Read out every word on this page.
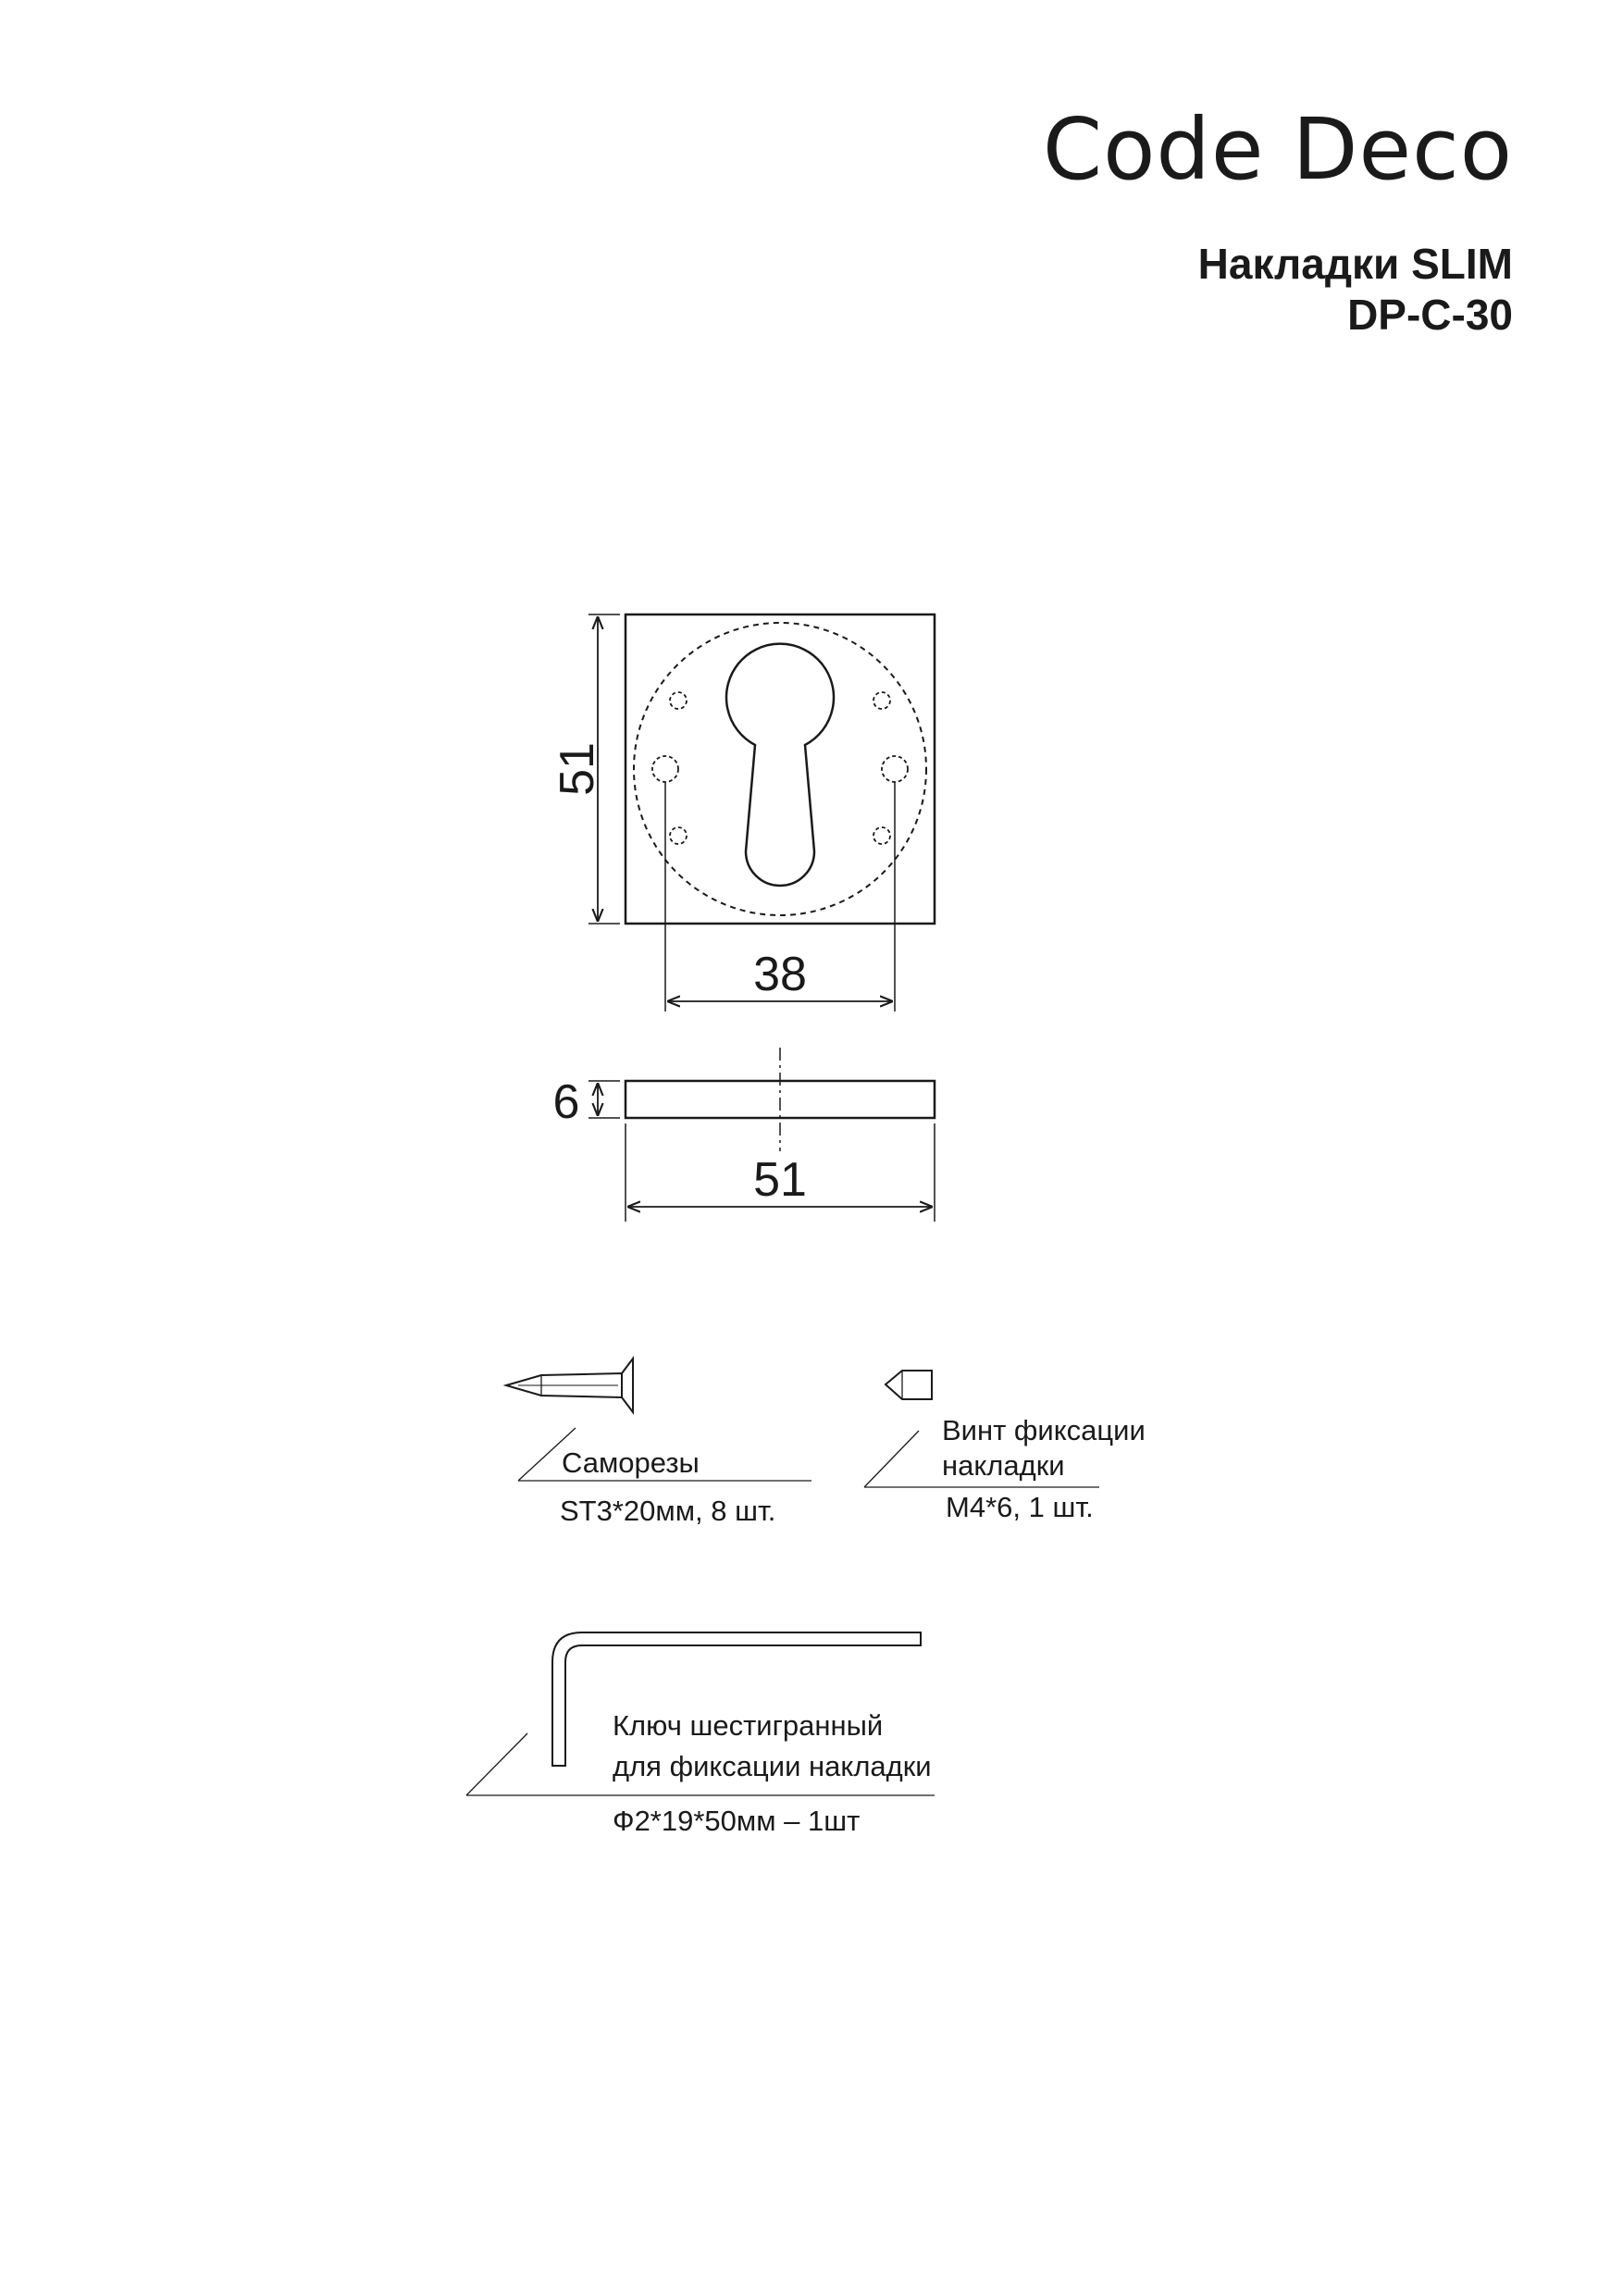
Code Deco
Накладки SLIM
DP-C-30
51
38
6
51
Саморезы
ST3*20мм, 8 шт.
Винт фиксации
накладки
M4*6, 1 шт.
Ключ шестигранный
для фиксации накладки
Ф2*19*50мм – 1шт
